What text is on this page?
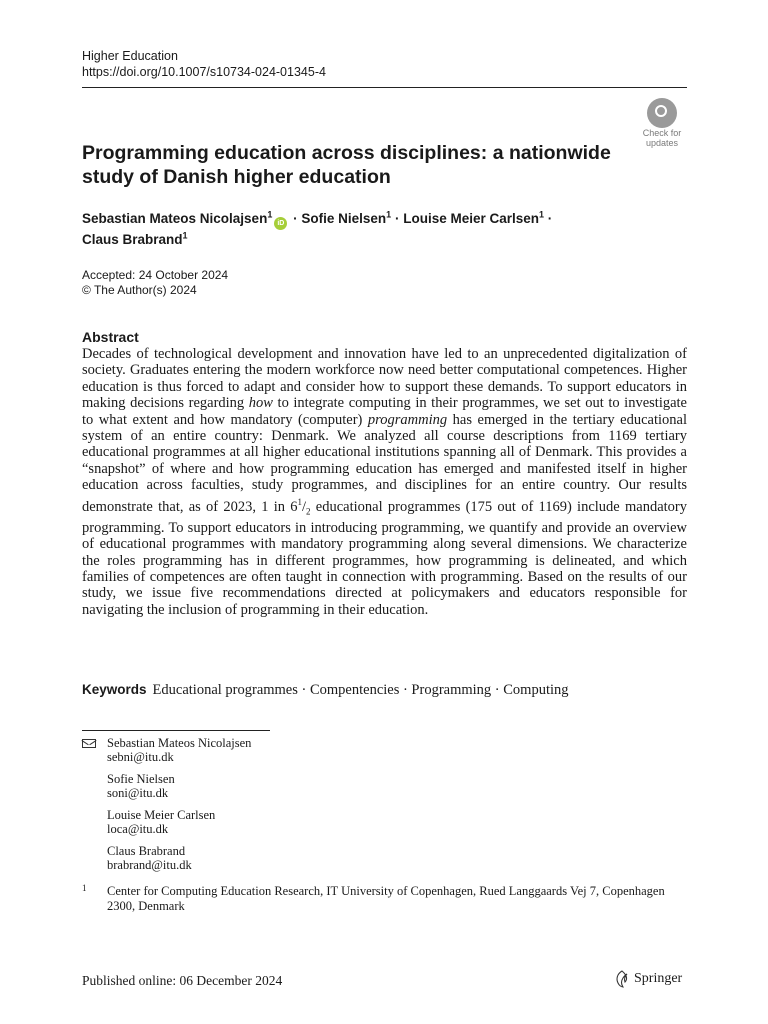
Higher Education
https://doi.org/10.1007/s10734-024-01345-4
Check for
updates
Programming education across disciplines: a nationwide study of Danish higher education
Sebastian Mateos Nicolajsen$^1$iD · Sofie Nielsen$^1$ · Louise Meier Carlsen$^1$ ·
Claus Brabrand$^1$
Accepted: 24 October 2024
© The Author(s) 2024
Abstract

Decades of technological development and innovation have led to an unprecedented digitalization of society. Graduates entering the modern workforce now need better computational competences. Higher education is thus forced to adapt and consider how to support these demands. To support educators in making decisions regarding how to integrate computing in their programmes, we set out to investigate to what extent and how mandatory (computer) programming has emerged in the tertiary educational system of an entire country: Denmark. We analyzed all course descriptions from 1169 tertiary educational programmes at all higher educational institutions spanning all of Denmark. This provides a “snapshot” of where and how programming education has emerged and manifested itself in higher education across faculties, study programmes, and disciplines for an entire country. Our results demonstrate that, as of 2023, 1 in $6^1/_2$ educational programmes (175 out of 1169) include mandatory programming. To support educators in introducing programming, we quantify and provide an overview of educational programmes with mandatory programming along several dimensions. We characterize the roles programming has in different programmes, how programming is delineated, and which families of competences are often taught in connection with programming. Based on the results of our study, we issue five recommendations directed at policymakers and educators responsible for navigating the inclusion of programming in their education.

Keywords Educational programmes · Compentencies · Programming · Computing
Sebastian Mateos Nicolajsen
sebni@itu.dk
Sofie Nielsen
soni@itu.dk
Louise Meier Carlsen
loca@itu.dk
Claus Brabrand
brabrand@itu.dk
1	Center for Computing Education Research, IT University of Copenhagen, Rued Langgaards Vej 7, Copenhagen 2300, Denmark
Published online: 06 December 2024	Springer
